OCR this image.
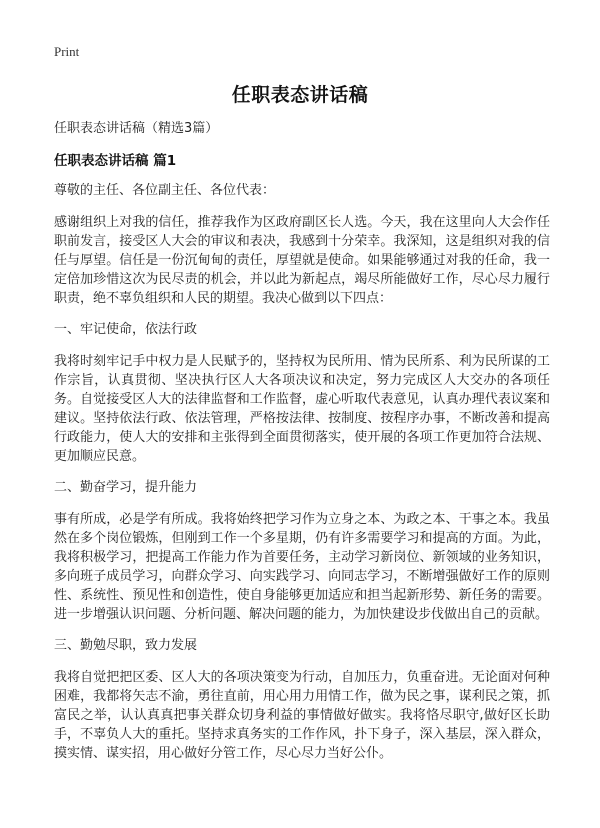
Print
任职表态讲话稿
任职表态讲话稿（精选3篇）
任职表态讲话稿 篇1

尊敬的主任、各位副主任、各位代表：

感谢组织上对我的信任，推荐我作为区政府副区长人选。今天，我在这里向人大会作任职前发言，接受区人大会的审议和表决，我感到十分荣幸。我深知，这是组织对我的信任与厚望。信任是一份沉甸甸的责任，厚望就是使命。如果能够通过对我的任命，我一定倍加珍惜这次为民尽责的机会，并以此为新起点，竭尽所能做好工作，尽心尽力履行职责，绝不辜负组织和人民的期望。我决心做到以下四点：

一、牢记使命，依法行政

我将时刻牢记手中权力是人民赋予的，坚持权为民所用、情为民所系、利为民所谋的工作宗旨，认真贯彻、坚决执行区人大各项决议和决定，努力完成区人大交办的各项任务。自觉接受区人大的法律监督和工作监督，虚心听取代表意见，认真办理代表议案和建议。坚持依法行政、依法管理，严格按法律、按制度、按程序办事，不断改善和提高行政能力，使人大的安排和主张得到全面贯彻落实，使开展的各项工作更加符合法规、更加顺应民意。

二、勤奋学习，提升能力

事有所成，必是学有所成。我将始终把学习作为立身之本、为政之本、干事之本。我虽然在多个岗位锻炼，但刚到工作一个多星期，仍有许多需要学习和提高的方面。为此，我将积极学习，把提高工作能力作为首要任务，主动学习新岗位、新领域的业务知识，多向班子成员学习，向群众学习、向实践学习、向同志学习，不断增强做好工作的原则性、系统性、预见性和创造性，使自身能够更加适应和担当起新形势、新任务的需要。进一步增强认识问题、分析问题、解决问题的能力，为加快建设步伐做出自己的贡献。

三、勤勉尽职，致力发展

我将自觉把把区委、区人大的各项决策变为行动，自加压力，负重奋进。无论面对何种困难，我都将矢志不渝，勇往直前，用心用力用情工作，做为民之事，谋利民之策，抓富民之举，认认真真把事关群众切身利益的事情做好做实。我将恪尽职守,做好区长助手，不辜负人大的重托。坚持求真务实的工作作风，扑下身子，深入基层，深入群众，摸实情、谋实招，用心做好分管工作，尽心尽力当好公仆。
